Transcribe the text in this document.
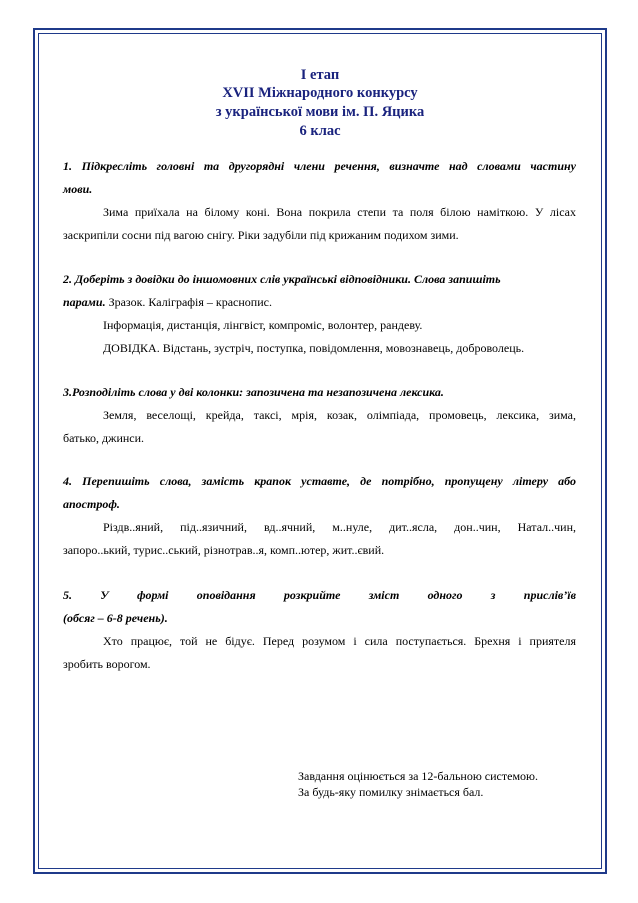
І етап
XVII Міжнародного конкурсу
з української мови ім. П. Яцика
6 клас

1. Підкресліть головні та другорядні члени речення, визначте над словами частину

мови.

Зима приїхала на білому коні. Вона покрила степи та поля білою наміткою. У лісах

заскрипіли сосни під вагою снігу. Ріки задубіли під крижаним подихом зими.

2. Доберіть з довідки до іншомовних слів українські відповідники. Слова запишіть

парами. Зразок. Каліграфія – краснопис.

Інформація, дистанція, лінгвіст, компроміс, волонтер, рандеву.

ДОВІДКА. Відстань, зустріч, поступка, повідомлення, мовознавець, доброволець.

3.Розподіліть слова у дві колонки: запозичена та незапозичена лексика.

Земля, веселощі, крейда, таксі, мрія, козак, олімпіада, промовець, лексика, зима,

батько, джинси.

4. Перепишіть слова, замість крапок уставте, де потрібно, пропущену літеру або

апостроф.

Різдв..яний, під..язичний, вд..ячний, м..нуле, дит..ясла, дон..чин, Натал..чин,

запоро..ький, турис..ський, різнотрав..я, комп..ютер, жит..євий.

5. У формі оповідання розкрийте зміст одного з прислів’їв

(обсяг – 6-8 речень).

Хто працює, той не бідує. Перед розумом і сила поступається. Брехня і приятеля

зробить ворогом.

Завдання оцінюється за 12-бальною системою.
За будь-яку помилку знімається бал.
